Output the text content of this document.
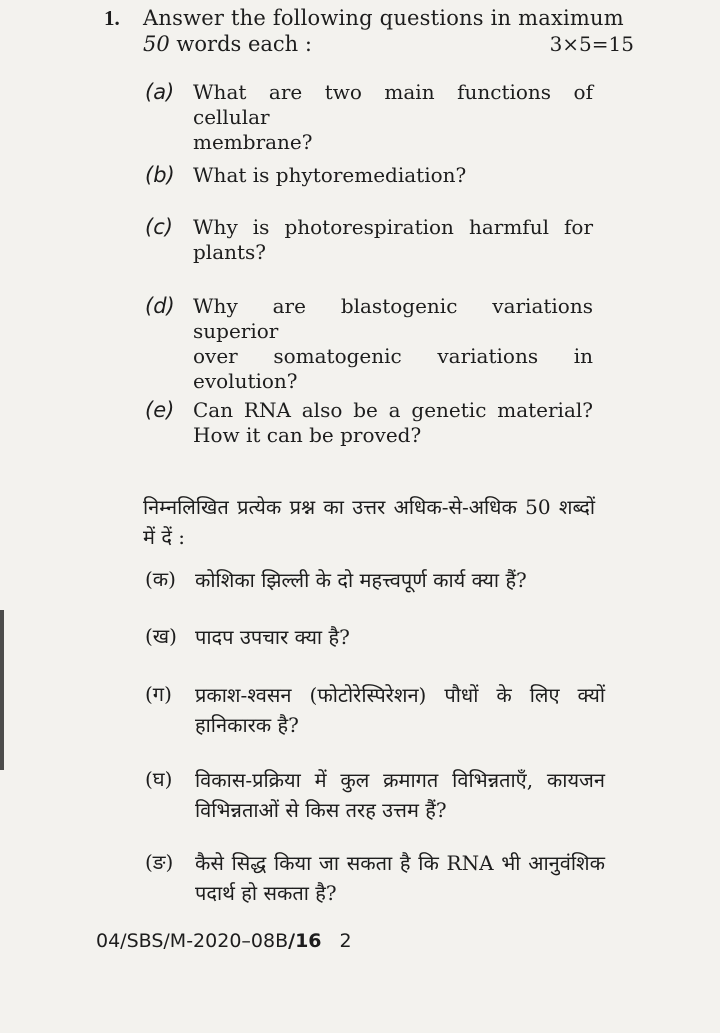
1. Answer the following questions in maximum
50 words each :	3×5=15
(a) What are two main functions of cellular
membrane?
(b) What is phytoremediation?
(c) Why is photorespiration harmful for
plants?
(d) Why are blastogenic variations superior
over somatogenic variations in
evolution?
(e) Can RNA also be a genetic material?
How it can be proved?
निम्नलिखित प्रत्येक प्रश्न का उत्तर अधिक-से-अधिक 50 शब्दों
में दें :
(क) कोशिका झिल्ली के दो महत्त्वपूर्ण कार्य क्या हैं?
(ख) पादप उपचार क्या है?
(ग) प्रकाश-श्वसन (फोटोरेस्पिरेशन) पौधों के लिए क्यों
हानिकारक है?
(घ) विकास-प्रक्रिया में कुल क्रमागत विभिन्नताएँ, कायजन
विभिन्नताओं से किस तरह उत्तम हैं?
(ङ) कैसे सिद्ध किया जा सकता है कि RNA भी आनुवंशिक
पदार्थ हो सकता है?
04/SBS/M-2020–08B/16 2
